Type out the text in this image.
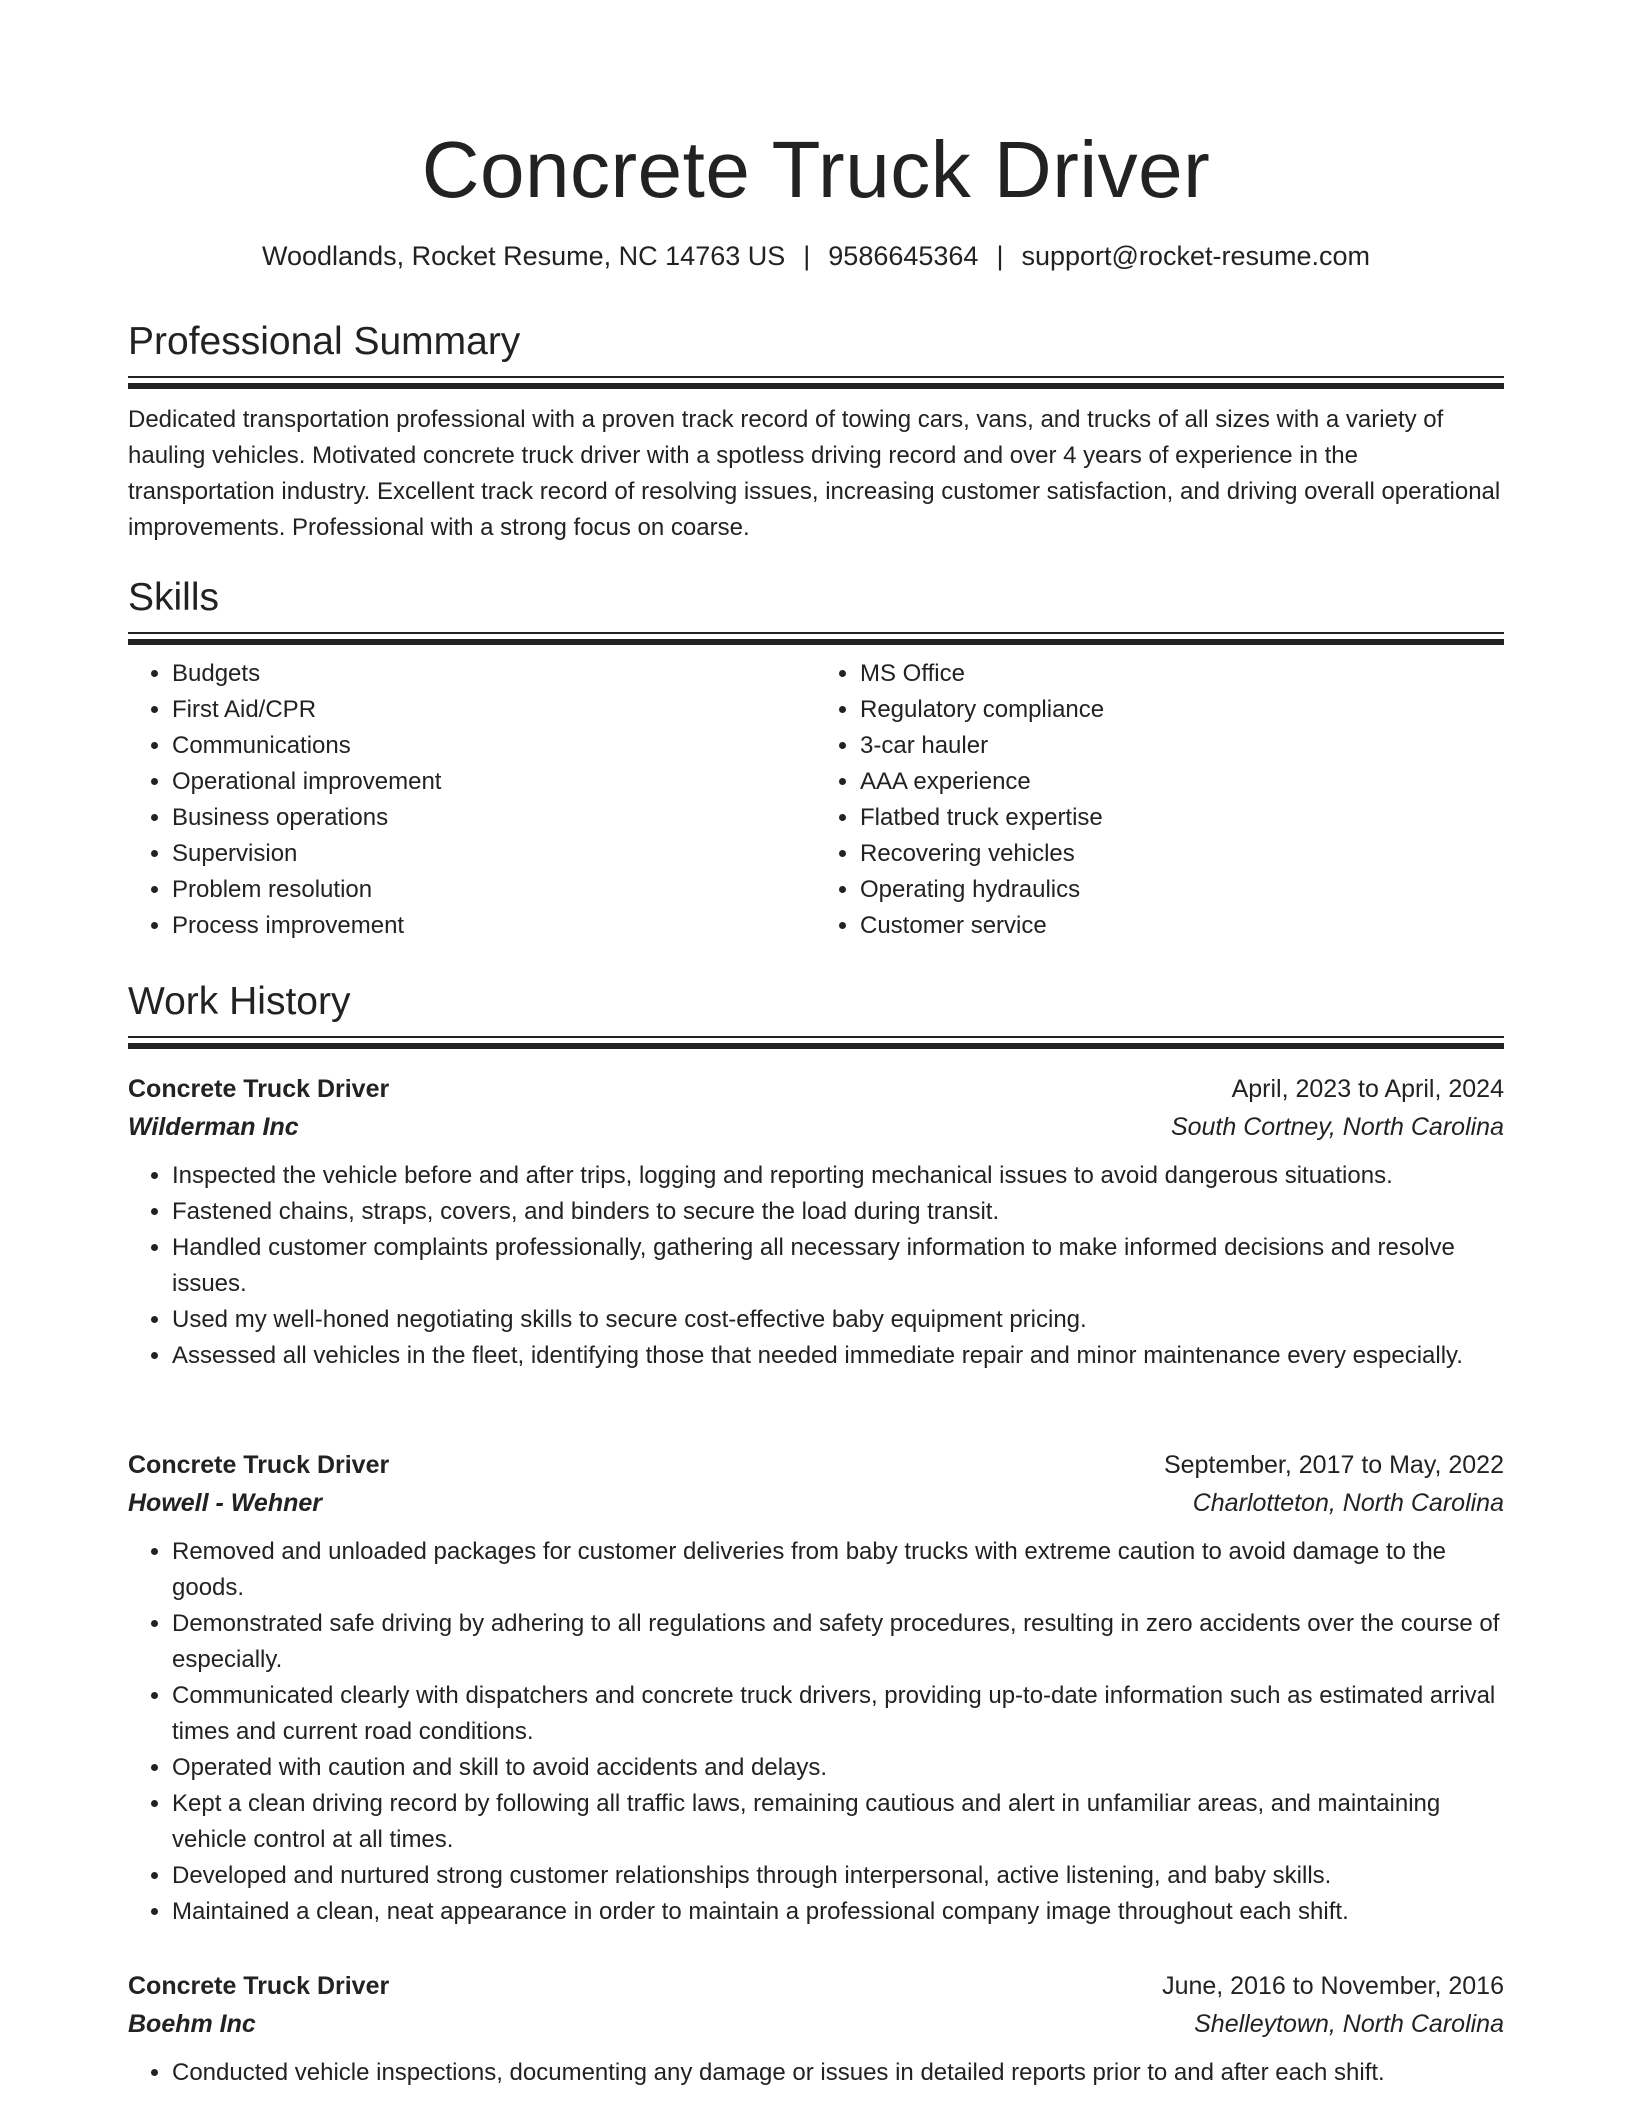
Concrete Truck Driver
Woodlands, Rocket Resume, NC 14763 US | 9586645364 | support@rocket-resume.com
Professional Summary
Dedicated transportation professional with a proven track record of towing cars, vans, and trucks of all sizes with a variety of hauling vehicles. Motivated concrete truck driver with a spotless driving record and over 4 years of experience in the transportation industry. Excellent track record of resolving issues, increasing customer satisfaction, and driving overall operational improvements. Professional with a strong focus on coarse.
Skills
• Budgets
• First Aid/CPR
• Communications
• Operational improvement
• Business operations
• Supervision
• Problem resolution
• Process improvement
• MS Office
• Regulatory compliance
• 3-car hauler
• AAA experience
• Flatbed truck expertise
• Recovering vehicles
• Operating hydraulics
• Customer service
Work History
Concrete Truck Driver	April, 2023 to April, 2024
Wilderman Inc	South Cortney, North Carolina
• Inspected the vehicle before and after trips, logging and reporting mechanical issues to avoid dangerous situations.
• Fastened chains, straps, covers, and binders to secure the load during transit.
• Handled customer complaints professionally, gathering all necessary information to make informed decisions and resolve issues.
• Used my well-honed negotiating skills to secure cost-effective baby equipment pricing.
• Assessed all vehicles in the fleet, identifying those that needed immediate repair and minor maintenance every especially.
Concrete Truck Driver	September, 2017 to May, 2022
Howell - Wehner	Charlotteton, North Carolina
• Removed and unloaded packages for customer deliveries from baby trucks with extreme caution to avoid damage to the goods.
• Demonstrated safe driving by adhering to all regulations and safety procedures, resulting in zero accidents over the course of especially.
• Communicated clearly with dispatchers and concrete truck drivers, providing up-to-date information such as estimated arrival times and current road conditions.
• Operated with caution and skill to avoid accidents and delays.
• Kept a clean driving record by following all traffic laws, remaining cautious and alert in unfamiliar areas, and maintaining vehicle control at all times.
• Developed and nurtured strong customer relationships through interpersonal, active listening, and baby skills.
• Maintained a clean, neat appearance in order to maintain a professional company image throughout each shift.
Concrete Truck Driver	June, 2016 to November, 2016
Boehm Inc	Shelleytown, North Carolina
• Conducted vehicle inspections, documenting any damage or issues in detailed reports prior to and after each shift.
